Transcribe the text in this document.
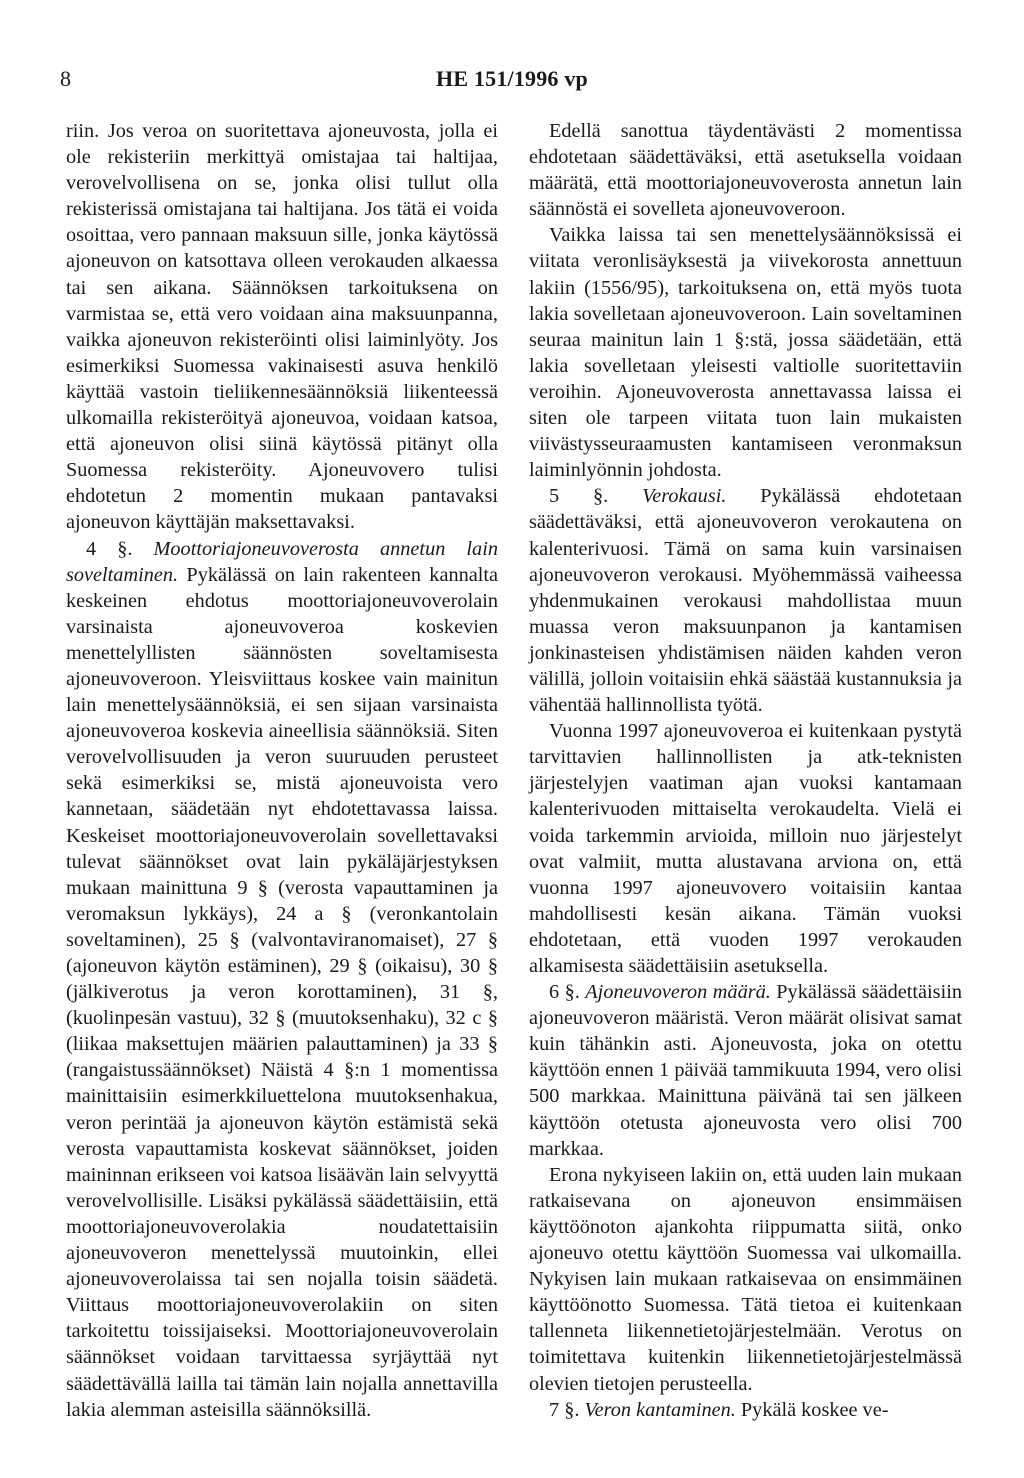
8	HE 151/1996 vp

riin. Jos veroa on suoritettava ajoneuvosta, jolla ei ole rekisteriin merkittyä omistajaa tai haltijaa, verovelvollisena on se, jonka olisi tullut olla rekisterissä omistajana tai haltijana. Jos tätä ei voida osoittaa, vero pannaan maksuun sille, jonka käytössä ajoneuvon on katsottava olleen verokauden alkaessa tai sen aikana. Säännöksen tarkoituksena on varmistaa se, että vero voidaan aina maksuunpanna, vaikka ajoneuvon rekisteröinti olisi laiminlyöty. Jos esimerkiksi Suomessa vakinaisesti asuva henkilö käyttää vastoin tieliikennesäännöksiä liikenteessä ulkomailla rekisteröityä ajoneuvoa, voidaan katsoa, että ajoneuvon olisi siinä käytössä pitänyt olla Suomessa rekisteröity. Ajoneuvovero tulisi ehdotetun 2 momentin mukaan pantavaksi ajoneuvon käyttäjän maksettavaksi.

4 §. Moottoriajoneuvoverosta annetun lain soveltaminen. Pykälässä on lain rakenteen kannalta keskeinen ehdotus moottoriajoneuvoverolain varsinaista ajoneuvoveroa koskevien menettelyllisten säännösten soveltamisesta ajoneuvoveroon. Yleisviittaus koskee vain mainitun lain menettelysäännöksiä, ei sen sijaan varsinaista ajoneuvoveroa koskevia aineellisia säännöksiä. Siten verovelvollisuuden ja veron suuruuden perusteet sekä esimerkiksi se, mistä ajoneuvoista vero kannetaan, säädetään nyt ehdotettavassa laissa. Keskeiset moottoriajoneuvoverolain sovellettavaksi tulevat säännökset ovat lain pykäläjärjestyksen mukaan mainittuna 9 § (verosta vapauttaminen ja veromaksun lykkäys), 24 a § (veronkantolain soveltaminen), 25 § (valvontaviranomaiset), 27 § (ajoneuvon käytön estäminen), 29 § (oikaisu), 30 § (jälkiverotus ja veron korottaminen), 31 §, (kuolinpesän vastuu), 32 § (muutoksenhaku), 32 c § (liikaa maksettujen määrien palauttaminen) ja 33 § (rangaistussäännökset) Näistä 4 §:n 1 momentissa mainittaisiin esimerkkiluettelona muutoksenhakua, veron perintää ja ajoneuvon käytön estämistä sekä verosta vapauttamista koskevat säännökset, joiden maininnan erikseen voi katsoa lisäävän lain selvyyttä verovelvollisille. Lisäksi pykälässä säädettäisiin, että moottoriajoneuvoverolakia noudatettaisiin ajoneuvoveron menettelyssä muutoinkin, ellei ajoneuvoverolaissa tai sen nojalla toisin säädetä. Viittaus moottoriajoneuvoverolakiin on siten tarkoitettu toissijaiseksi. Moottoriajoneuvoverolain säännökset voidaan tarvittaessa syrjäyttää nyt säädettävällä lailla tai tämän lain nojalla annettavilla lakia alemman asteisilla säännöksillä.

Edellä sanottua täydentävästi 2 momentissa ehdotetaan säädettäväksi, että asetuksella voidaan määrätä, että moottoriajoneuvoverosta annetun lain säännöstä ei sovelleta ajoneuvoveroon.

Vaikka laissa tai sen menettelysäännöksissä ei viitata veronlisäyksestä ja viivekorosta annettuun lakiin (1556/95), tarkoituksena on, että myös tuota lakia sovelletaan ajoneuvoveroon. Lain soveltaminen seuraa mainitun lain 1 §:stä, jossa säädetään, että lakia sovelletaan yleisesti valtiolle suoritettaviin veroihin. Ajoneuvoverosta annettavassa laissa ei siten ole tarpeen viitata tuon lain mukaisten viivästysseuraamusten kantamiseen veronmaksun laiminlyönnin johdosta.

5 §. Verokausi. Pykälässä ehdotetaan säädettäväksi, että ajoneuvoveron verokautena on kalenterivuosi. Tämä on sama kuin varsinaisen ajoneuvoveron verokausi. Myöhemmässä vaiheessa yhdenmukainen verokausi mahdollistaa muun muassa veron maksuunpanon ja kantamisen jonkinasteisen yhdistämisen näiden kahden veron välillä, jolloin voitaisiin ehkä säästää kustannuksia ja vähentää hallinnollista työtä.

Vuonna 1997 ajoneuvoveroa ei kuitenkaan pystytä tarvittavien hallinnollisten ja atk-teknisten järjestelyjen vaatiman ajan vuoksi kantamaan kalenterivuoden mittaiselta verokaudelta. Vielä ei voida tarkemmin arvioida, milloin nuo järjestelyt ovat valmiit, mutta alustavana arviona on, että vuonna 1997 ajoneuvovero voitaisiin kantaa mahdollisesti kesän aikana. Tämän vuoksi ehdotetaan, että vuoden 1997 verokauden alkamisesta säädettäisiin asetuksella.

6 §. Ajoneuvoveron määrä. Pykälässä säädettäisiin ajoneuvoveron määristä. Veron määrät olisivat samat kuin tähänkin asti. Ajoneuvosta, joka on otettu käyttöön ennen 1 päivää tammikuuta 1994, vero olisi 500 markkaa. Mainittuna päivänä tai sen jälkeen käyttöön otetusta ajoneuvosta vero olisi 700 markkaa.

Erona nykyiseen lakiin on, että uuden lain mukaan ratkaisevana on ajoneuvon ensimmäisen käyttöönoton ajankohta riippumatta siitä, onko ajoneuvo otettu käyttöön Suomessa vai ulkomailla. Nykyisen lain mukaan ratkaisevaa on ensimmäinen käyttöönotto Suomessa. Tätä tietoa ei kuitenkaan tallenneta liikennetietojärjestelmään. Verotus on toimitettava kuitenkin liikennetietojärjestelmässä olevien tietojen perusteella.

7 §. Veron kantaminen. Pykälä koskee ve-
